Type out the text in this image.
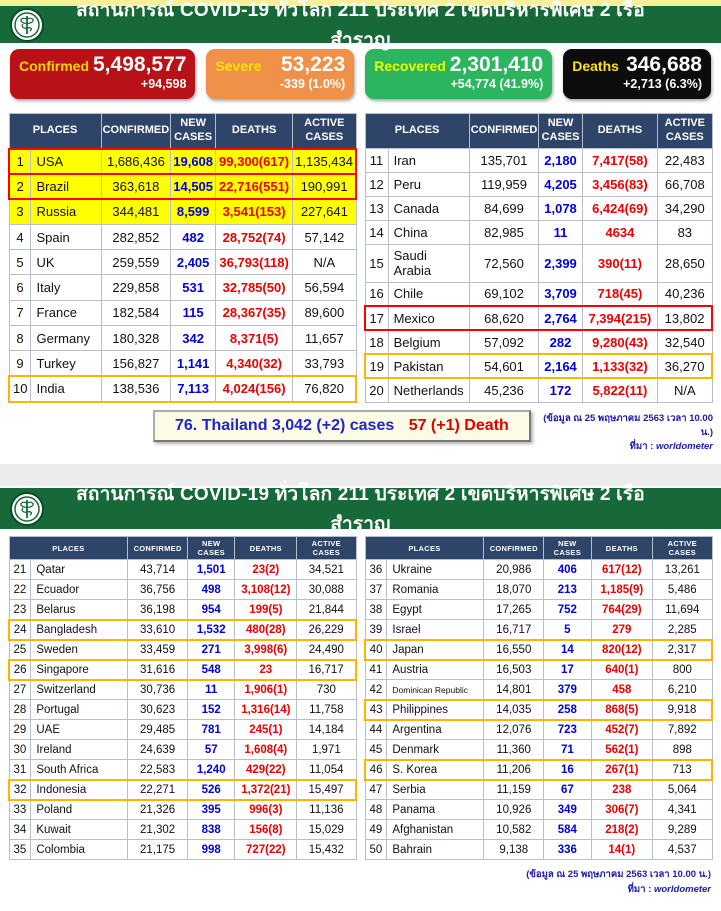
สถานการณ์ COVID-19 ทั่วโลก 211 ประเทศ 2 เขตบริหารพิเศษ 2 เรือสำราญ
Confirmed 5,498,577
+94,598
Severe 53,223
-339 (1.0%)
Recovered 2,301,410
+54,774 (41.9%)
Deaths 346,688
+2,713 (6.3%)
PLACES		CONFIRMED	NEW CASES	DEATHS	ACTIVE CASES
1	USA	1,686,436	19,608	99,300(617)	1,135,434
2	Brazil	363,618	14,505	22,716(551)	190,991
3	Russia	344,481	8,599	3,541(153)	227,641
4	Spain	282,852	482	28,752(74)	57,142
5	UK	259,559	2,405	36,793(118)	N/A
6	Italy	229,858	531	32,785(50)	56,594
7	France	182,584	115	28,367(35)	89,600
8	Germany	180,328	342	8,371(5)	11,657
9	Turkey	156,827	1,141	4,340(32)	33,793
10	India	138,536	7,113	4,024(156)	76,820
PLACES		CONFIRMED	NEW CASES	DEATHS	ACTIVE CASES
11	Iran	135,701	2,180	7,417(58)	22,483
12	Peru	119,959	4,205	3,456(83)	66,708
13	Canada	84,699	1,078	6,424(69)	34,290
14	China	82,985	11	4634	83
15	Saudi Arabia	72,560	2,399	390(11)	28,650
16	Chile	69,102	3,709	718(45)	40,236
17	Mexico	68,620	2,764	7,394(215)	13,802
18	Belgium	57,092	282	9,280(43)	32,540
19	Pakistan	54,601	2,164	1,133(32)	36,270
20	Netherlands	45,236	172	5,822(11)	N/A
76. Thailand 3,042 (+2) cases 57 (+1) Death	(ข้อมูล ณ 25 พฤษภาคม 2563 เวลา 10.00 น.)
ที่มา : worldometer
สถานการณ์ COVID-19 ทั่วโลก 211 ประเทศ 2 เขตบริหารพิเศษ 2 เรือสำราญ
PLACES		CONFIRMED	NEW CASES	DEATHS	ACTIVE CASES
21	Qatar	43,714	1,501	23(2)	34,521
22	Ecuador	36,756	498	3,108(12)	30,088
23	Belarus	36,198	954	199(5)	21,844
24	Bangladesh	33,610	1,532	480(28)	26,229
25	Sweden	33,459	271	3,998(6)	24,490
26	Singapore	31,616	548	23	16,717
27	Switzerland	30,736	11	1,906(1)	730
28	Portugal	30,623	152	1,316(14)	11,758
29	UAE	29,485	781	245(1)	14,184
30	Ireland	24,639	57	1,608(4)	1,971
31	South Africa	22,583	1,240	429(22)	11,054
32	Indonesia	22,271	526	1,372(21)	15,497
33	Poland	21,326	395	996(3)	11,136
34	Kuwait	21,302	838	156(8)	15,029
35	Colombia	21,175	998	727(22)	15,432
PLACES		CONFIRMED	NEW CASES	DEATHS	ACTIVE CASES
36	Ukraine	20,986	406	617(12)	13,261
37	Romania	18,070	213	1,185(9)	5,486
38	Egypt	17,265	752	764(29)	11,694
39	Israel	16,717	5	279	2,285
40	Japan	16,550	14	820(12)	2,317
41	Austria	16,503	17	640(1)	800
42	Dominican Republic	14,801	379	458	6,210
43	Philippines	14,035	258	868(5)	9,918
44	Argentina	12,076	723	452(7)	7,892
45	Denmark	11,360	71	562(1)	898
46	S. Korea	11,206	16	267(1)	713
47	Serbia	11,159	67	238	5,064
48	Panama	10,926	349	306(7)	4,341
49	Afghanistan	10,582	584	218(2)	9,289
50	Bahrain	9,138	336	14(1)	4,537
(ข้อมูล ณ 25 พฤษภาคม 2563 เวลา 10.00 น.)
ที่มา : worldometer
